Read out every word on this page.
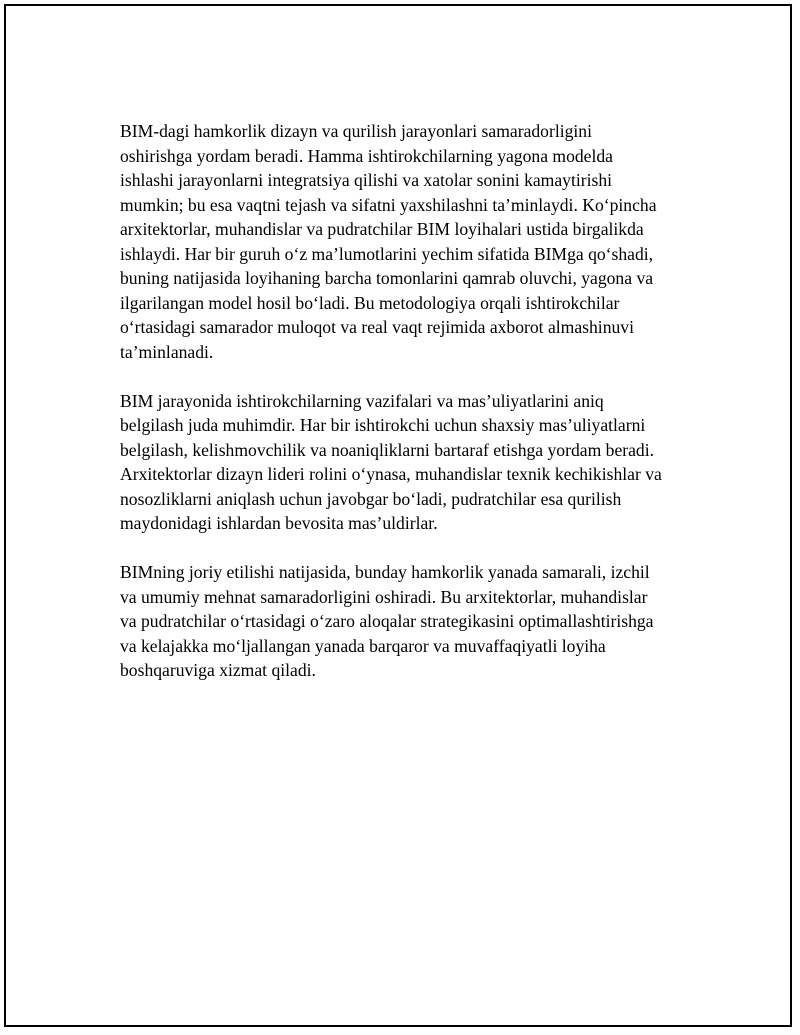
BIM-dagi hamkorlik dizayn va qurilish jarayonlari samaradorligini
oshirishga yordam beradi. Hamma ishtirokchilarning yagona modelda
ishlashi jarayonlarni integratsiya qilishi va xatolar sonini kamaytirishi
mumkin; bu esa vaqtni tejash va sifatni yaxshilashni ta’minlaydi. Ko‘pincha
arxitektorlar, muhandislar va pudratchilar BIM loyihalari ustida birgalikda
ishlaydi. Har bir guruh o‘z ma’lumotlarini yechim sifatida BIMga qo‘shadi,
buning natijasida loyihaning barcha tomonlarini qamrab oluvchi, yagona va
ilgarilangan model hosil bo‘ladi. Bu metodologiya orqali ishtirokchilar
o‘rtasidagi samarador muloqot va real vaqt rejimida axborot almashinuvi
ta’minlanadi.

BIM jarayonida ishtirokchilarning vazifalari va mas’uliyatlarini aniq
belgilash juda muhimdir. Har bir ishtirokchi uchun shaxsiy mas’uliyatlarni
belgilash, kelishmovchilik va noaniqliklarni bartaraf etishga yordam beradi.
Arxitektorlar dizayn lideri rolini o‘ynasa, muhandislar texnik kechikishlar va
nosozliklarni aniqlash uchun javobgar bo‘ladi, pudratchilar esa qurilish
maydonidagi ishlardan bevosita mas’uldirlar.

BIMning joriy etilishi natijasida, bunday hamkorlik yanada samarali, izchil
va umumiy mehnat samaradorligini oshiradi. Bu arxitektorlar, muhandislar
va pudratchilar o‘rtasidagi o‘zaro aloqalar strategikasini optimallashtirishga
va kelajakka mo‘ljallangan yanada barqaror va muvaffaqiyatli loyiha
boshqaruviga xizmat qiladi.
